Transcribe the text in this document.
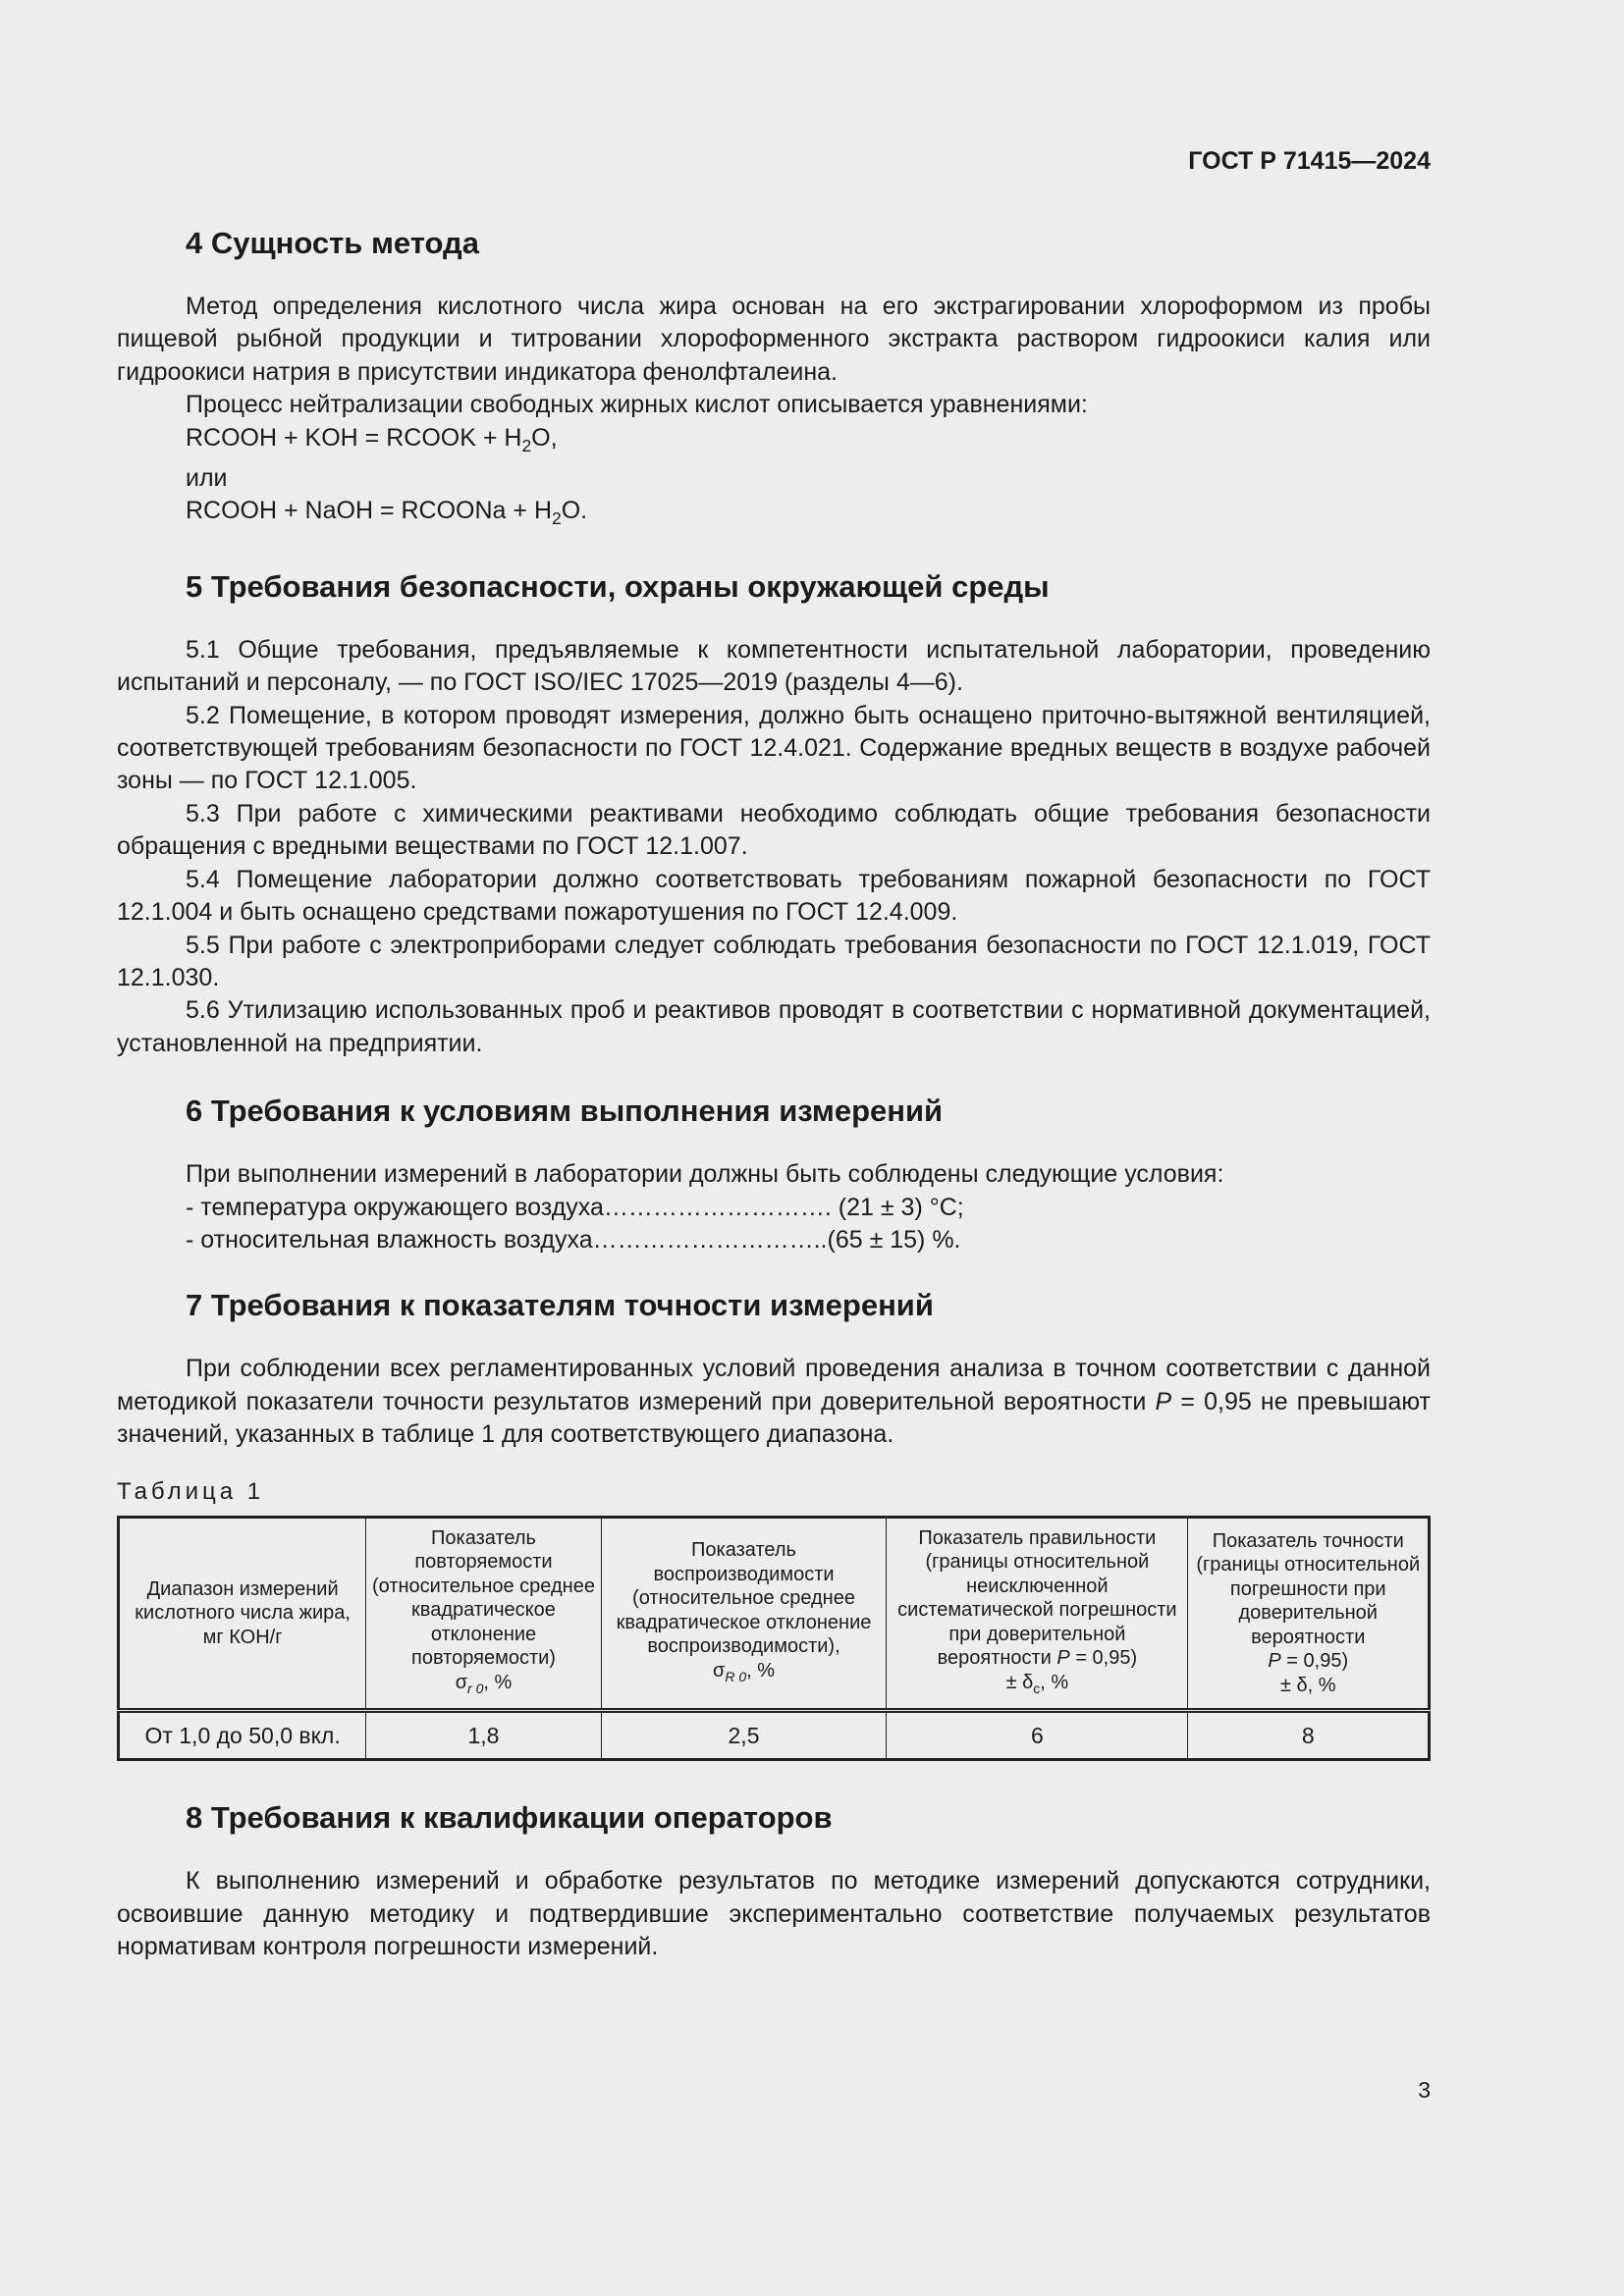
ГОСТ Р 71415—2024
4 Сущность метода

Метод определения кислотного числа жира основан на его экстрагировании хлороформом из пробы пищевой рыбной продукции и титровании хлороформенного экстракта раствором гидроокиси калия или гидроокиси натрия в присутствии индикатора фенолфталеина.

Процесс нейтрализации свободных жирных кислот описывается уравнениями:

RCOOH + KOH = RCOOK + $H_2O$,

или

RCOOH + NaOH = RCOONa + $H_2O$.

5 Требования безопасности, охраны окружающей среды

5.1 Общие требования, предъявляемые к компетентности испытательной лаборатории, проведению испытаний и персоналу, — по ГОСТ ISO/IEC 17025—2019 (разделы 4—6).

5.2 Помещение, в котором проводят измерения, должно быть оснащено приточно-вытяжной вентиляцией, соответствующей требованиям безопасности по ГОСТ 12.4.021. Содержание вредных веществ в воздухе рабочей зоны — по ГОСТ 12.1.005.

5.3 При работе с химическими реактивами необходимо соблюдать общие требования безопасности обращения с вредными веществами по ГОСТ 12.1.007.

5.4 Помещение лаборатории должно соответствовать требованиям пожарной безопасности по ГОСТ 12.1.004 и быть оснащено средствами пожаротушения по ГОСТ 12.4.009.

5.5 При работе с электроприборами следует соблюдать требования безопасности по ГОСТ 12.1.019, ГОСТ 12.1.030.

5.6 Утилизацию использованных проб и реактивов проводят в соответствии с нормативной документацией, установленной на предприятии.

6 Требования к условиям выполнения измерений

При выполнении измерений в лаборатории должны быть соблюдены следующие условия:

- температура окружающего воздуха………………………. (21 ± 3) °С;

- относительная влажность воздуха………………………..(65 ± 15) %.

7 Требования к показателям точности измерений

При соблюдении всех регламентированных условий проведения анализа в точном соответствии с данной методикой показатели точности результатов измерений при доверительной вероятности P = 0,95 не превышают значений, указанных в таблице 1 для соответствующего диапазона.

Таблица 1
Диапазон измерений кислотного числа жира, мг КОН/г	Показатель повторяемости (относительное среднее квадратическое отклонение повторяемости)
$\sigma_{r 0}$, %	Показатель воспроизводимости (относительное среднее квадратическое отклонение воспроизводимости),
$\sigma_{R 0}$, %	Показатель правильности (границы относительной неисключенной систематической погрешности при доверительной вероятности P = 0,95)
± $\delta_c$, %	Показатель точности (границы относительной погрешности при доверительной вероятности
P = 0,95)
± δ, %
От 1,0 до 50,0 вкл.	1,8	2,5	6	8
8 Требования к квалификации операторов

К выполнению измерений и обработке результатов по методике измерений допускаются сотрудники, освоившие данную методику и подтвердившие экспериментально соответствие получаемых результатов нормативам контроля погрешности измерений.

3
